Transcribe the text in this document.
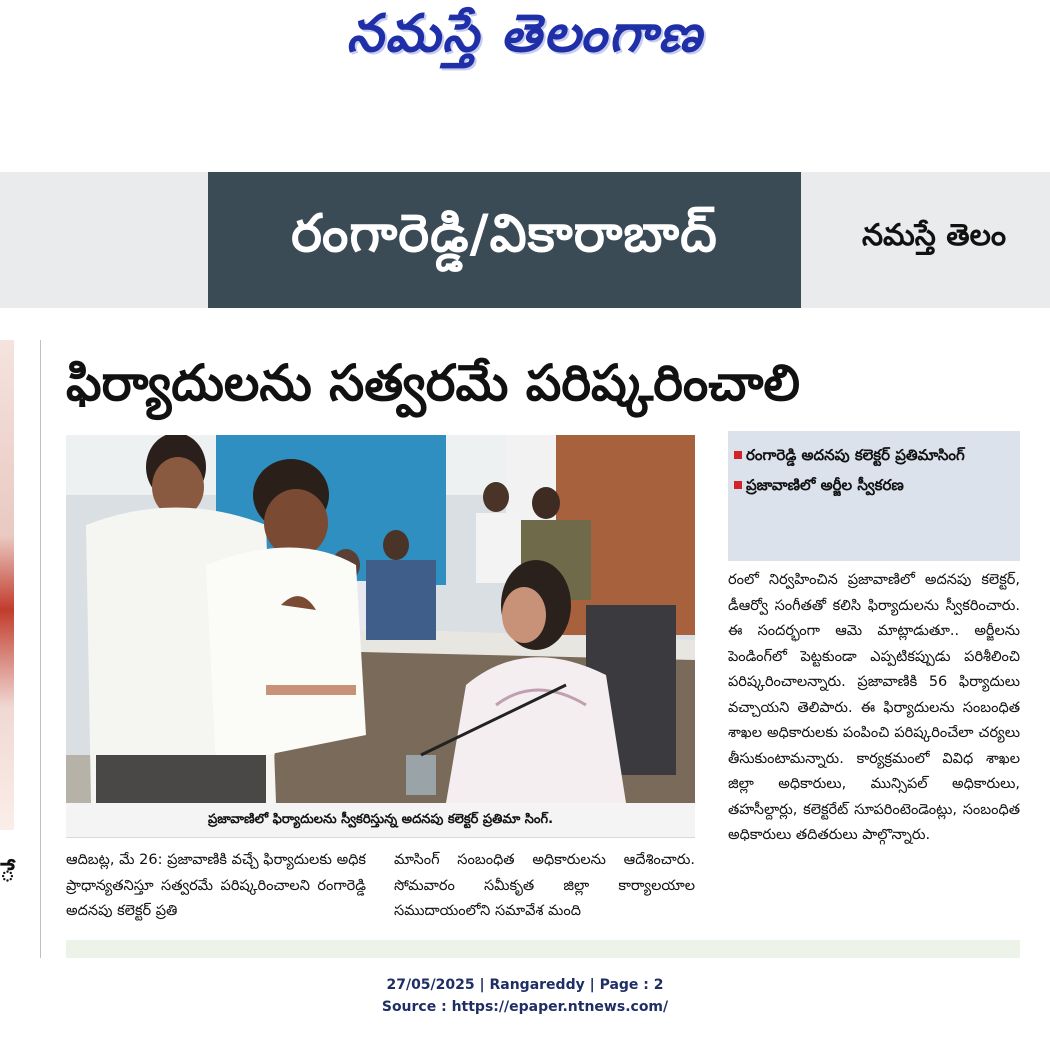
నమస్తే తెలంగాణ
రంగారెడ్డి/వికారాబాద్	నమస్తే తెలం
ే
ఫిర్యాదులను సత్వరమే పరిష్కరించాలి
ప్రజావాణిలో ఫిర్యాదులను స్వీకరిస్తున్న అదనపు కలెక్టర్ ప్రతిమా సింగ్.
రంగారెడ్డి అదనపు కలెక్టర్ ప్రతిమాసింగ్
ప్రజావాణిలో అర్జీల స్వీకరణ
ఆదిబట్ల, మే 26: ప్రజావాణికి వచ్చే ఫిర్యాదులకు అధిక ప్రాధాన్యతనిస్తూ సత్వరమే పరిష్కరించాలని రంగారెడ్డి అదనపు కలెక్టర్ ప్రతి
మాసింగ్ సంబంధిత అధికారులను ఆదేశించారు. సోమవారం సమీకృత జిల్లా కార్యాలయాల సముదాయంలోని సమావేశ మంది
రంలో నిర్వహించిన ప్రజావాణిలో అదనపు కలెక్టర్, డీఆర్వో సంగీతతో కలిసి ఫిర్యాదులను స్వీకరించారు. ఈ సందర్భంగా ఆమె మాట్లాడుతూ.. అర్జీలను పెండింగ్‌లో పెట్టకుండా ఎప్పటికప్పుడు పరిశీలించి పరిష్కరించాలన్నారు. ప్రజావాణికి 56 ఫిర్యాదులు వచ్చాయని తెలిపారు. ఈ ఫిర్యాదులను సంబంధిత శాఖల అధికారులకు పంపించి పరిష్కరించేలా చర్యలు తీసుకుంటామన్నారు. కార్యక్రమంలో వివిధ శాఖల జిల్లా అధికారులు, మున్సిపల్ అధికారులు, తహసీల్దార్లు, కలెక్టరేట్ సూపరింటెండెంట్లు, సంబంధిత అధికారులు తదితరులు పాల్గొన్నారు.
27/05/2025 | Rangareddy | Page : 2
Source : https://epaper.ntnews.com/
